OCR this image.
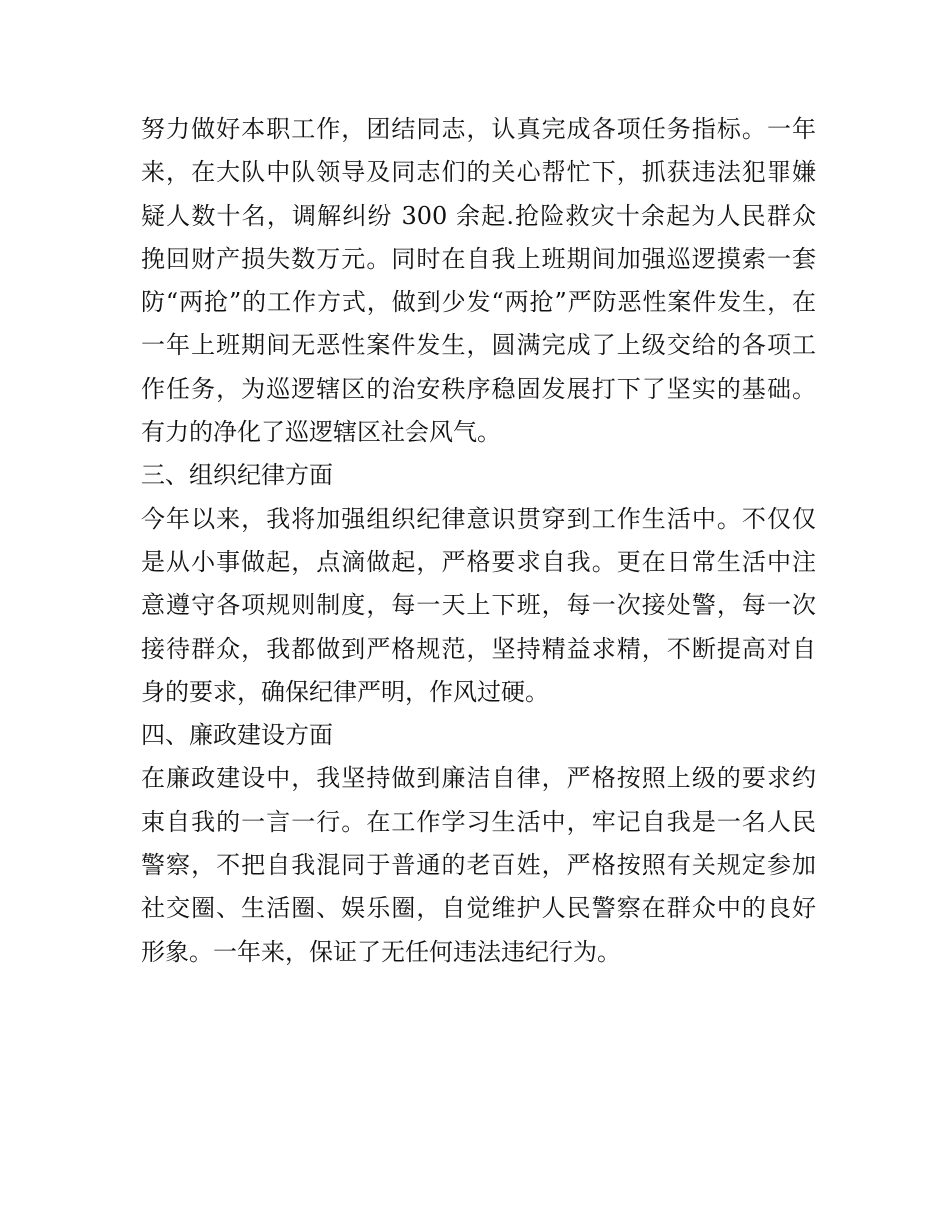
努力做好本职工作，团结同志，认真完成各项任务指标。一年
来，在大队中队领导及同志们的关心帮忙下，抓获违法犯罪嫌
疑人数十名，调解纠纷 300 余起.抢险救灾十余起为人民群众
挽回财产损失数万元。同时在自我上班期间加强巡逻摸索一套
防“两抢”的工作方式，做到少发“两抢”严防恶性案件发生，在
一年上班期间无恶性案件发生，圆满完成了上级交给的各项工
作任务，为巡逻辖区的治安秩序稳固发展打下了坚实的基础。
有力的净化了巡逻辖区社会风气。
三、组织纪律方面
今年以来，我将加强组织纪律意识贯穿到工作生活中。不仅仅
是从小事做起，点滴做起，严格要求自我。更在日常生活中注
意遵守各项规则制度，每一天上下班，每一次接处警，每一次
接待群众，我都做到严格规范，坚持精益求精，不断提高对自
身的要求，确保纪律严明，作风过硬。
四、廉政建设方面
在廉政建设中，我坚持做到廉洁自律，严格按照上级的要求约
束自我的一言一行。在工作学习生活中，牢记自我是一名人民
警察，不把自我混同于普通的老百姓，严格按照有关规定参加
社交圈、生活圈、娱乐圈，自觉维护人民警察在群众中的良好
形象。一年来，保证了无任何违法违纪行为。
